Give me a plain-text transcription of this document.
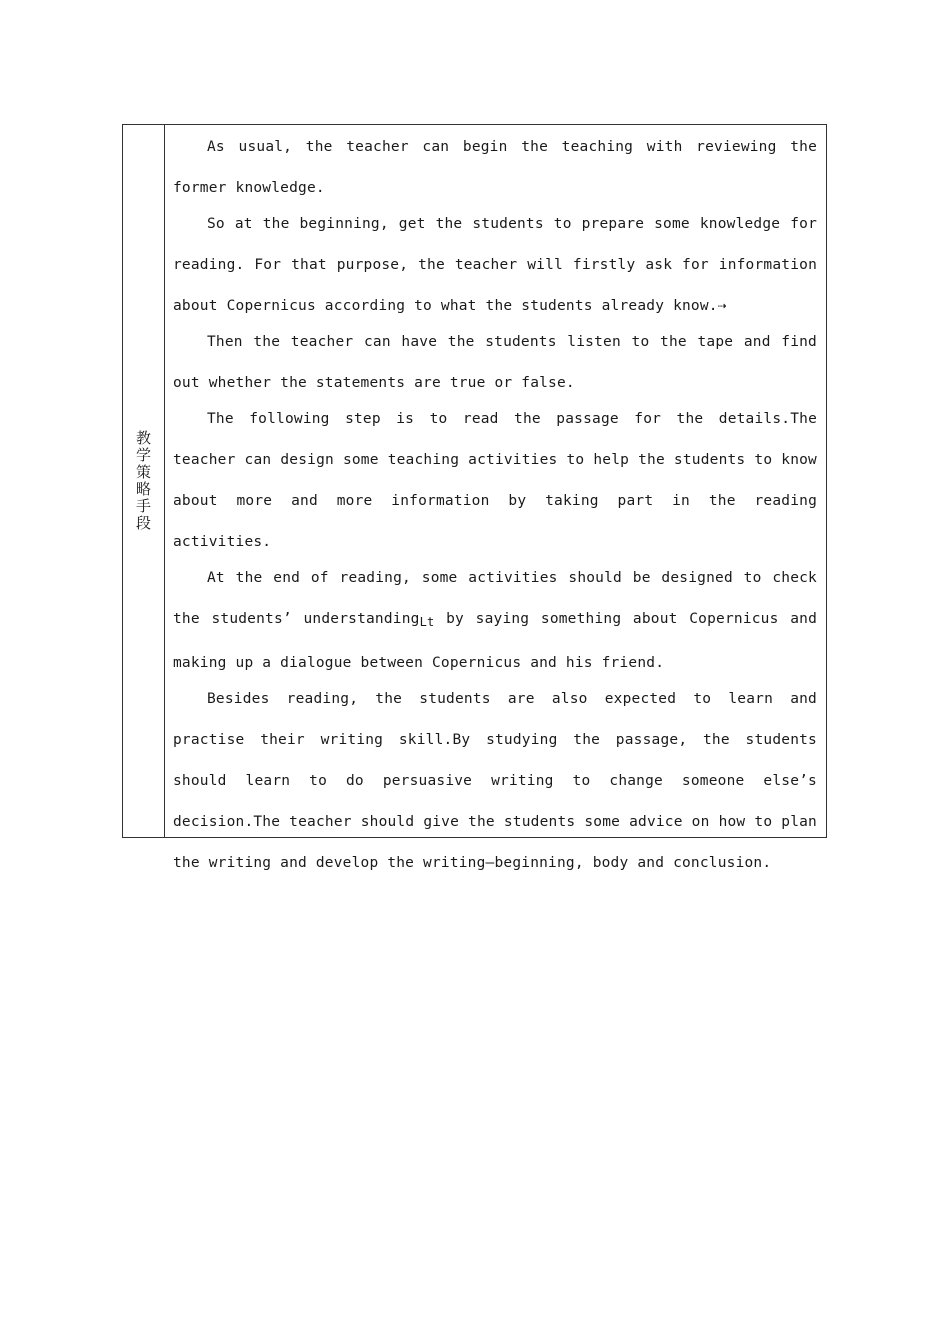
教学策略手段

As usual, the teacher can begin the teaching with reviewing the former knowledge.

So at the beginning, get the students to prepare some knowledge for reading. For that purpose, the teacher will firstly ask for information about Copernicus according to what the students already know.⇢

Then the teacher can have the students listen to the tape and find out whether the statements are true or false.

The following step is to read the passage for the details.The teacher can design some teaching activities to help the students to know about more and more information by taking part in the reading activities.

At the end of reading, some activities should be designed to check the students’ understanding$_{Lt}$ by saying something about Copernicus and making up a dialogue between Copernicus and his friend.

Besides reading, the students are also expected to learn and practise their writing skill.By studying the passage, the students should learn to do persuasive writing to change someone else’s decision.The teacher should give the students some advice on how to plan the writing and develop the writing—beginning, body and conclusion.
